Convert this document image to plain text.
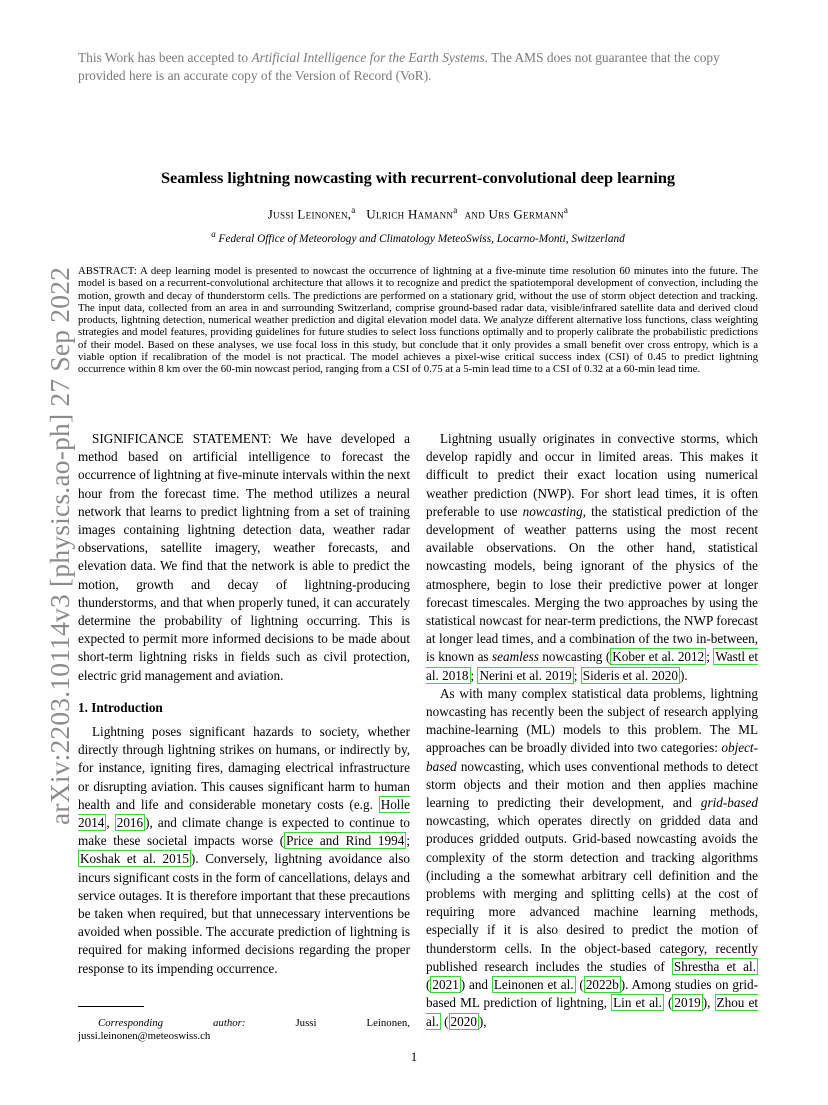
This Work has been accepted to Artificial Intelligence for the Earth Systems. The AMS does not guarantee that the copy provided here is an accurate copy of the Version of Record (VoR).
arXiv:2203.10114v3 [physics.ao-ph] 27 Sep 2022
Seamless lightning nowcasting with recurrent-convolutional deep learning
Jussi Leinonen,$^a$ Ulrich Hamann$^a$ and Urs Germann$^a$
$^a$ Federal Office of Meteorology and Climatology MeteoSwiss, Locarno-Monti, Switzerland
ABSTRACT: A deep learning model is presented to nowcast the occurrence of lightning at a five-minute time resolution 60 minutes into the future. The model is based on a recurrent-convolutional architecture that allows it to recognize and predict the spatiotemporal development of convection, including the motion, growth and decay of thunderstorm cells. The predictions are performed on a stationary grid, without the use of storm object detection and tracking. The input data, collected from an area in and surrounding Switzerland, comprise ground-based radar data, visible/infrared satellite data and derived cloud products, lightning detection, numerical weather prediction and digital elevation model data. We analyze different alternative loss functions, class weighting strategies and model features, providing guidelines for future studies to select loss functions optimally and to properly calibrate the probabilistic predictions of their model. Based on these analyses, we use focal loss in this study, but conclude that it only provides a small benefit over cross entropy, which is a viable option if recalibration of the model is not practical. The model achieves a pixel-wise critical success index (CSI) of 0.45 to predict lightning occurrence within 8 km over the 60-min nowcast period, ranging from a CSI of 0.75 at a 5-min lead time to a CSI of 0.32 at a 60-min lead time.

SIGNIFICANCE STATEMENT: We have developed a method based on artificial intelligence to forecast the occurrence of lightning at five-minute intervals within the next hour from the forecast time. The method utilizes a neural network that learns to predict lightning from a set of training images containing lightning detection data, weather radar observations, satellite imagery, weather forecasts, and elevation data. We find that the network is able to predict the motion, growth and decay of lightning-producing thunderstorms, and that when properly tuned, it can accurately determine the probability of lightning occurring. This is expected to permit more informed decisions to be made about short-term lightning risks in fields such as civil protection, electric grid management and aviation.

1. Introduction

Lightning poses significant hazards to society, whether directly through lightning strikes on humans, or indirectly by, for instance, igniting fires, damaging electrical infrastructure or disrupting aviation. This causes significant harm to human health and life and considerable monetary costs (e.g. Holle 2014 , 2016 ), and climate change is expected to continue to make these societal impacts worse ( Price and Rind 1994 ; Koshak et al. 2015 ). Conversely, lightning avoidance also incurs significant costs in the form of cancellations, delays and service outages. It is therefore important that these precautions be taken when required, but that unnecessary interventions be avoided when possible. The accurate prediction of lightning is required for making informed decisions regarding the proper response to its impending occurrence.

Corresponding	author:	Jussi	Leinonen,
jussi.leinonen@meteoswiss.ch

Lightning usually originates in convective storms, which develop rapidly and occur in limited areas. This makes it difficult to predict their exact location using numerical weather prediction (NWP). For short lead times, it is often preferable to use nowcasting, the statistical prediction of the development of weather patterns using the most recent available observations. On the other hand, statistical nowcasting models, being ignorant of the physics of the atmosphere, begin to lose their predictive power at longer forecast timescales. Merging the two approaches by using the statistical nowcast for near-term predictions, the NWP forecast at longer lead times, and a combination of the two in-between, is known as seamless nowcasting ( Kober et al. 2012 ; Wastl et al. 2018 ; Nerini et al. 2019 ; Sideris et al. 2020 ).

As with many complex statistical data problems, lightning nowcasting has recently been the subject of research applying machine-learning (ML) models to this problem. The ML approaches can be broadly divided into two categories: object-based nowcasting, which uses conventional methods to detect storm objects and their motion and then applies machine learning to predicting their development, and grid-based nowcasting, which operates directly on gridded data and produces gridded outputs. Grid-based nowcasting avoids the complexity of the storm detection and tracking algorithms (including a the somewhat arbitrary cell definition and the problems with merging and splitting cells) at the cost of requiring more advanced machine learning methods, especially if it is also desired to predict the motion of thunderstorm cells. In the object-based category, recently published research includes the studies of Shrestha et al. ( 2021 ) and Leinonen et al. ( 2022b ). Among studies on grid-based ML prediction of lightning, Lin et al. ( 2019 ), Zhou et al. ( 2020 ),

1
